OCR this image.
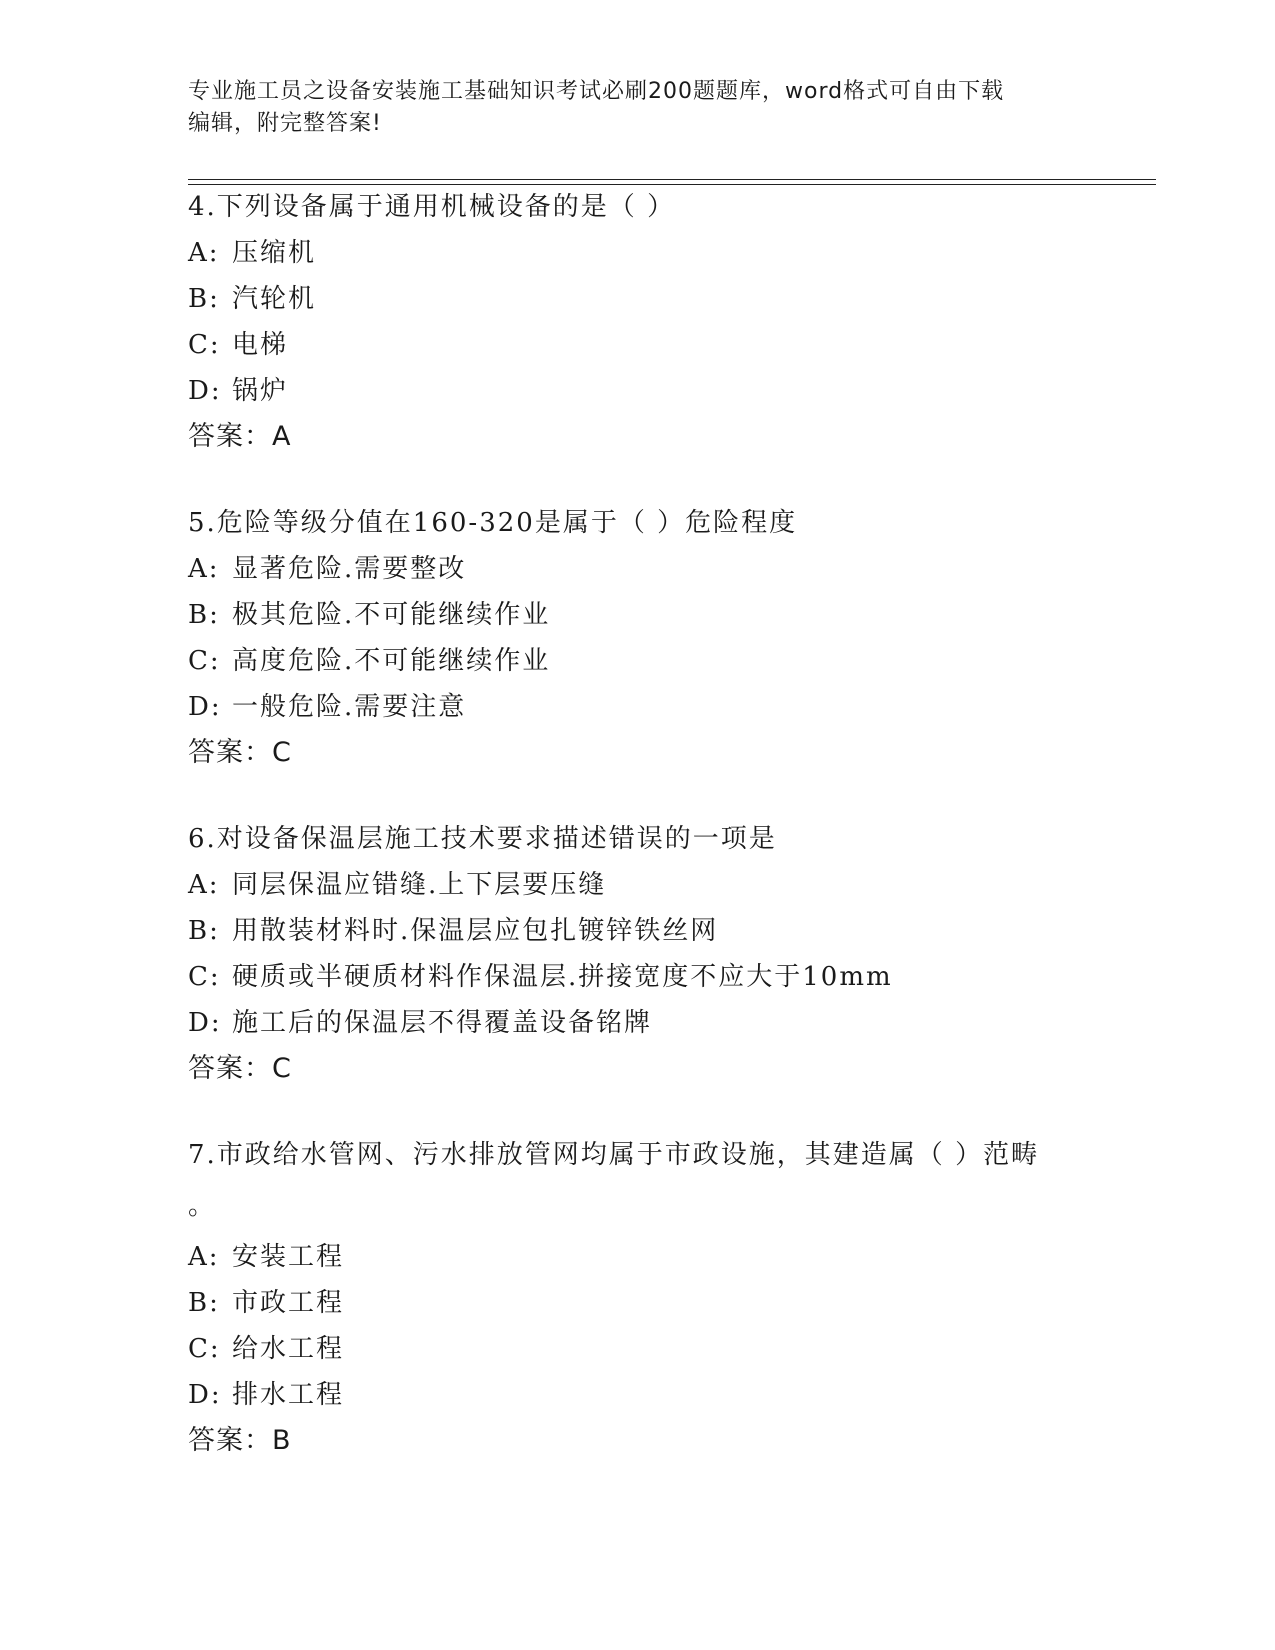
专业施工员之设备安装施工基础知识考试必刷200题题库，word格式可自由下载
编辑，附完整答案!
4.下列设备属于通用机械设备的是（ ）
A: 压缩机
B: 汽轮机
C: 电梯
D: 锅炉
答案：A
5.危险等级分值在160-320是属于（ ）危险程度
A: 显著危险.需要整改
B: 极其危险.不可能继续作业
C: 高度危险.不可能继续作业
D: 一般危险.需要注意
答案：C
6.对设备保温层施工技术要求描述错误的一项是
A: 同层保温应错缝.上下层要压缝
B: 用散装材料时.保温层应包扎镀锌铁丝网
C: 硬质或半硬质材料作保温层.拼接宽度不应大于10mm
D: 施工后的保温层不得覆盖设备铭牌
答案：C
7.市政给水管网、污水排放管网均属于市政设施，其建造属（ ）范畴
。
A: 安装工程
B: 市政工程
C: 给水工程
D: 排水工程
答案：B
